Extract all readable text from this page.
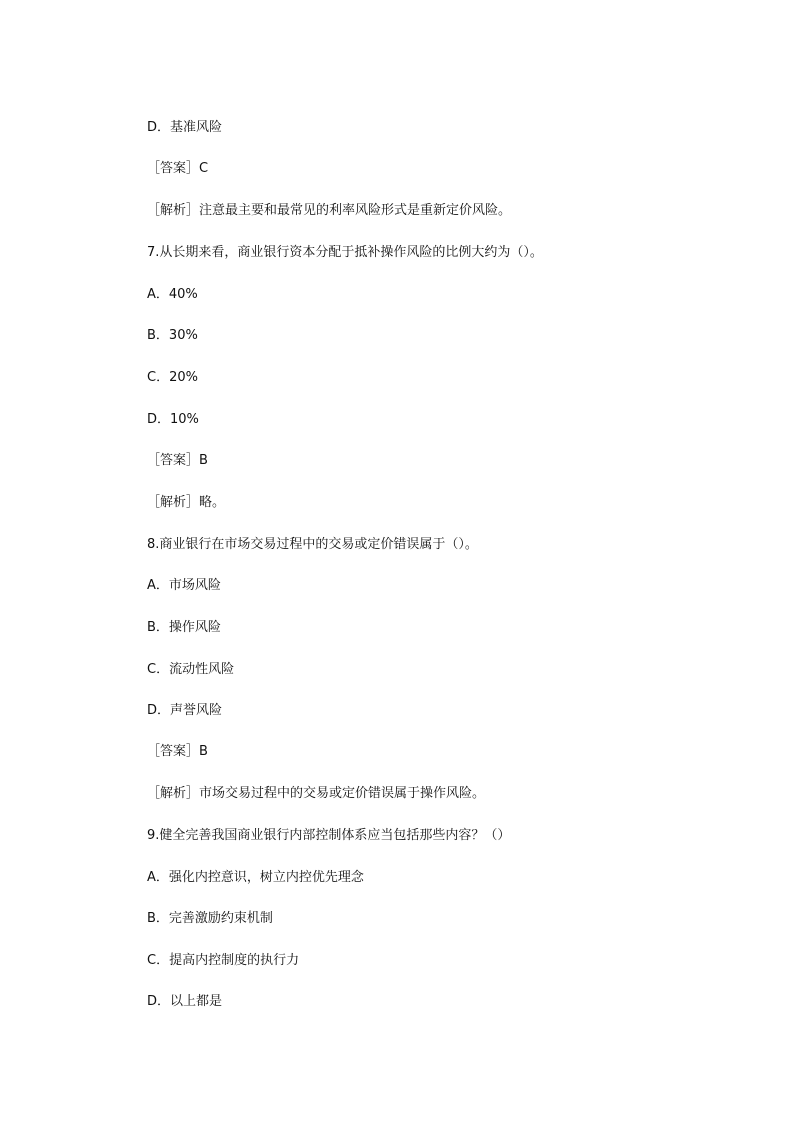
D．基准风险
［答案］C
［解析］注意最主要和最常见的利率风险形式是重新定价风险。
7.从长期来看，商业银行资本分配于抵补操作风险的比例大约为（）。
A．40%
B．30%
C．20%
D．10%
［答案］B
［解析］略。
8.商业银行在市场交易过程中的交易或定价错误属于（）。
A．市场风险
B．操作风险
C．流动性风险
D．声誉风险
［答案］B
［解析］市场交易过程中的交易或定价错误属于操作风险。
9.健全完善我国商业银行内部控制体系应当包括那些内容？（）
A．强化内控意识，树立内控优先理念
B．完善激励约束机制
C．提高内控制度的执行力
D．以上都是
